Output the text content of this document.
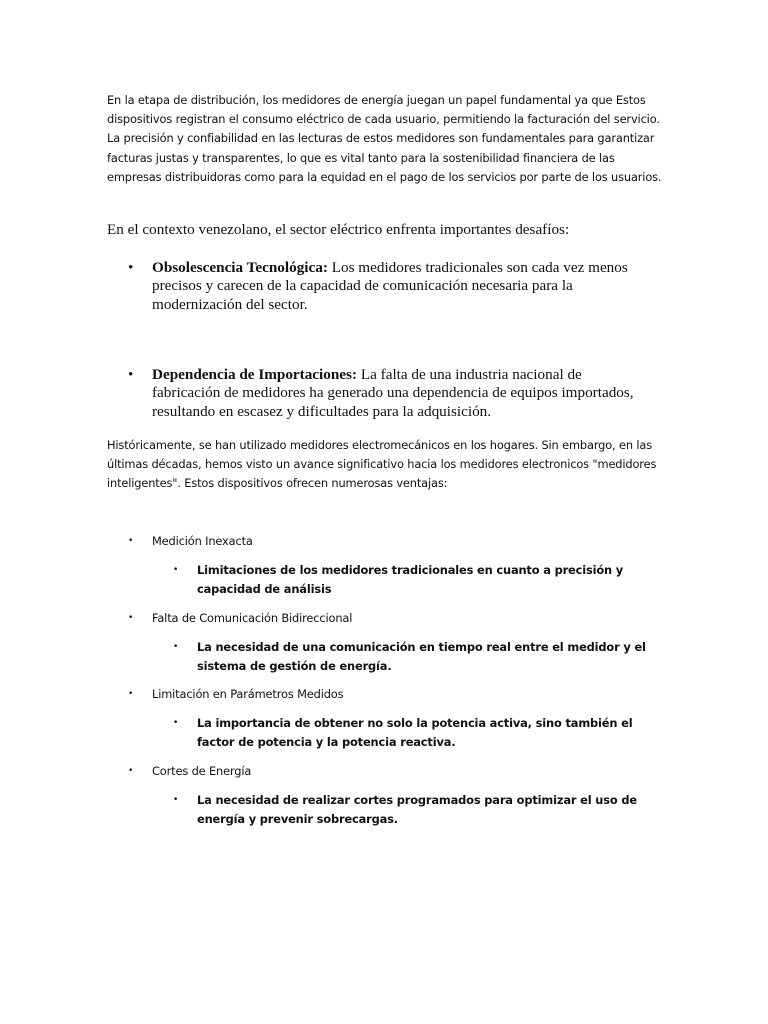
En la etapa de distribución, los medidores de energía juegan un papel fundamental ya que Estos dispositivos registran el consumo eléctrico de cada usuario, permitiendo la facturación del servicio. La precisión y confiabilidad en las lecturas de estos medidores son fundamentales para garantizar facturas justas y transparentes, lo que es vital tanto para la sostenibilidad financiera de las empresas distribuidoras como para la equidad en el pago de los servicios por parte de los usuarios.

En el contexto venezolano, el sector eléctrico enfrenta importantes desafíos:

• Obsolescencia Tecnológica: Los medidores tradicionales son cada vez menos precisos y carecen de la capacidad de comunicación necesaria para la modernización del sector.

• Dependencia de Importaciones: La falta de una industria nacional de fabricación de medidores ha generado una dependencia de equipos importados, resultando en escasez y dificultades para la adquisición.

Históricamente, se han utilizado medidores electromecánicos en los hogares. Sin embargo, en las últimas décadas, hemos visto un avance significativo hacia los medidores electronicos "medidores inteligentes". Estos dispositivos ofrecen numerosas ventajas:

• Medición Inexacta

• Limitaciones de los medidores tradicionales en cuanto a precisión y capacidad de análisis

• Falta de Comunicación Bidireccional

• La necesidad de una comunicación en tiempo real entre el medidor y el sistema de gestión de energía.

• Limitación en Parámetros Medidos

• La importancia de obtener no solo la potencia activa, sino también el factor de potencia y la potencia reactiva.

• Cortes de Energía

• La necesidad de realizar cortes programados para optimizar el uso de energía y prevenir sobrecargas.
